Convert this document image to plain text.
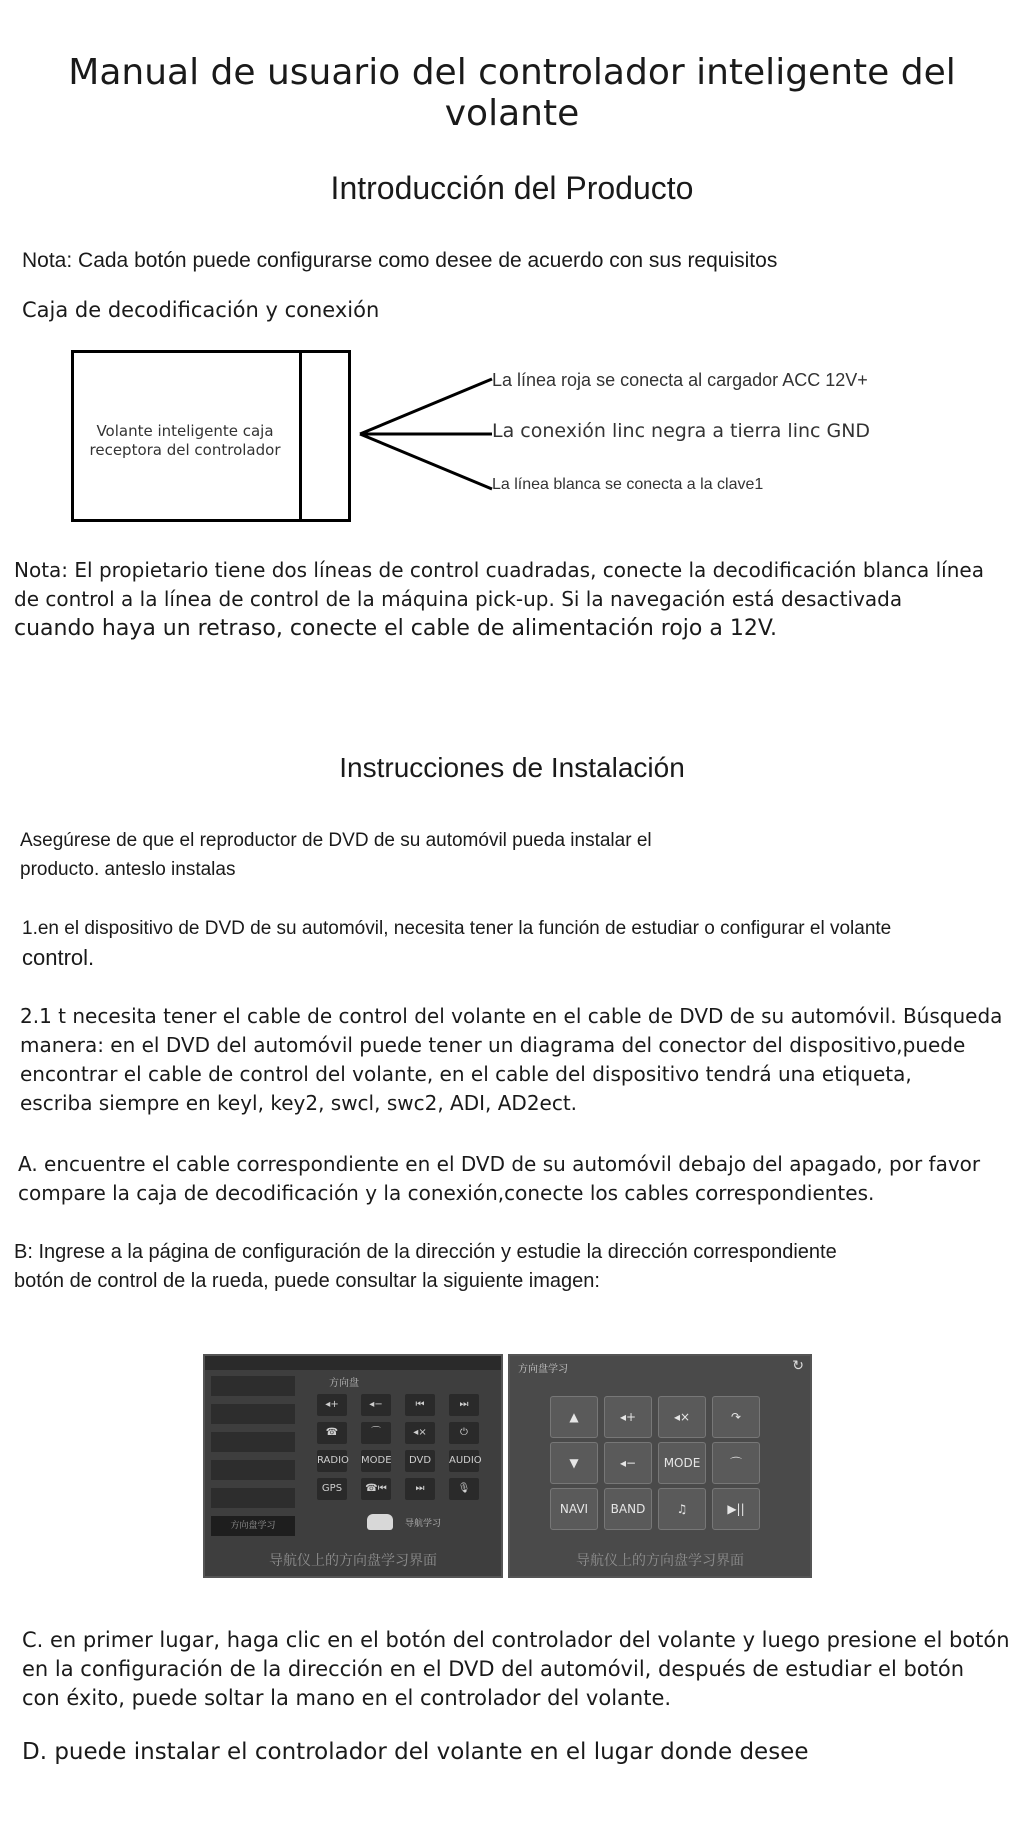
Manual de usuario del controlador inteligente del volante
Introducción del Producto
Nota: Cada botón puede configurarse como desee de acuerdo con sus requisitos
Caja de decodificación y conexión
Volante inteligente caja
receptora del controlador
La línea roja se conecta al cargador ACC 12V+
La conexión linc negra a tierra linc GND
La línea blanca se conecta a la clave1
Nota: El propietario tiene dos líneas de control cuadradas, conecte la decodificación blanca línea
de control a la línea de control de la máquina pick-up. Si la navegación está desactivada
cuando haya un retraso, conecte el cable de alimentación rojo a 12V.
Instrucciones de Instalación
Asegúrese de que el reproductor de DVD de su automóvil pueda instalar el
producto. anteslo instalas
1.en el dispositivo de DVD de su automóvil, necesita tener la función de estudiar o configurar el volante
control.
2.1 t necesita tener el cable de control del volante en el cable de DVD de su automóvil. Búsqueda
manera: en el DVD del automóvil puede tener un diagrama del conector del dispositivo,puede
encontrar el cable de control del volante, en el cable del dispositivo tendrá una etiqueta,
escriba siempre en keyl, key2, swcl, swc2, ADI, AD2ect.
A. encuentre el cable correspondiente en el DVD de su automóvil debajo del apagado, por favor
compare la caja de decodificación y la conexión,conecte los cables correspondientes.
B: Ingrese a la página de configuración de la dirección y estudie la dirección correspondiente
botón de control de la rueda, puede consultar la siguiente imagen:
方向盘
方向盘学习
◂+	◂−	⏮	⏭
☎	⌒	◂×	⏻
RADIO MODE	DVD	AUDIO
GPS	☎⏮	⏭	🎙
导航学习
导航仪上的方向盘学习界面
方向盘学习	↻
▲	◂+	◂×	↷
▼	◂−	MODE	⌒
NAVI	BAND	♫	▶||
导航仪上的方向盘学习界面
C. en primer lugar, haga clic en el botón del controlador del volante y luego presione el botón
en la configuración de la dirección en el DVD del automóvil, después de estudiar el botón
con éxito, puede soltar la mano en el controlador del volante.
D. puede instalar el controlador del volante en el lugar donde desee
